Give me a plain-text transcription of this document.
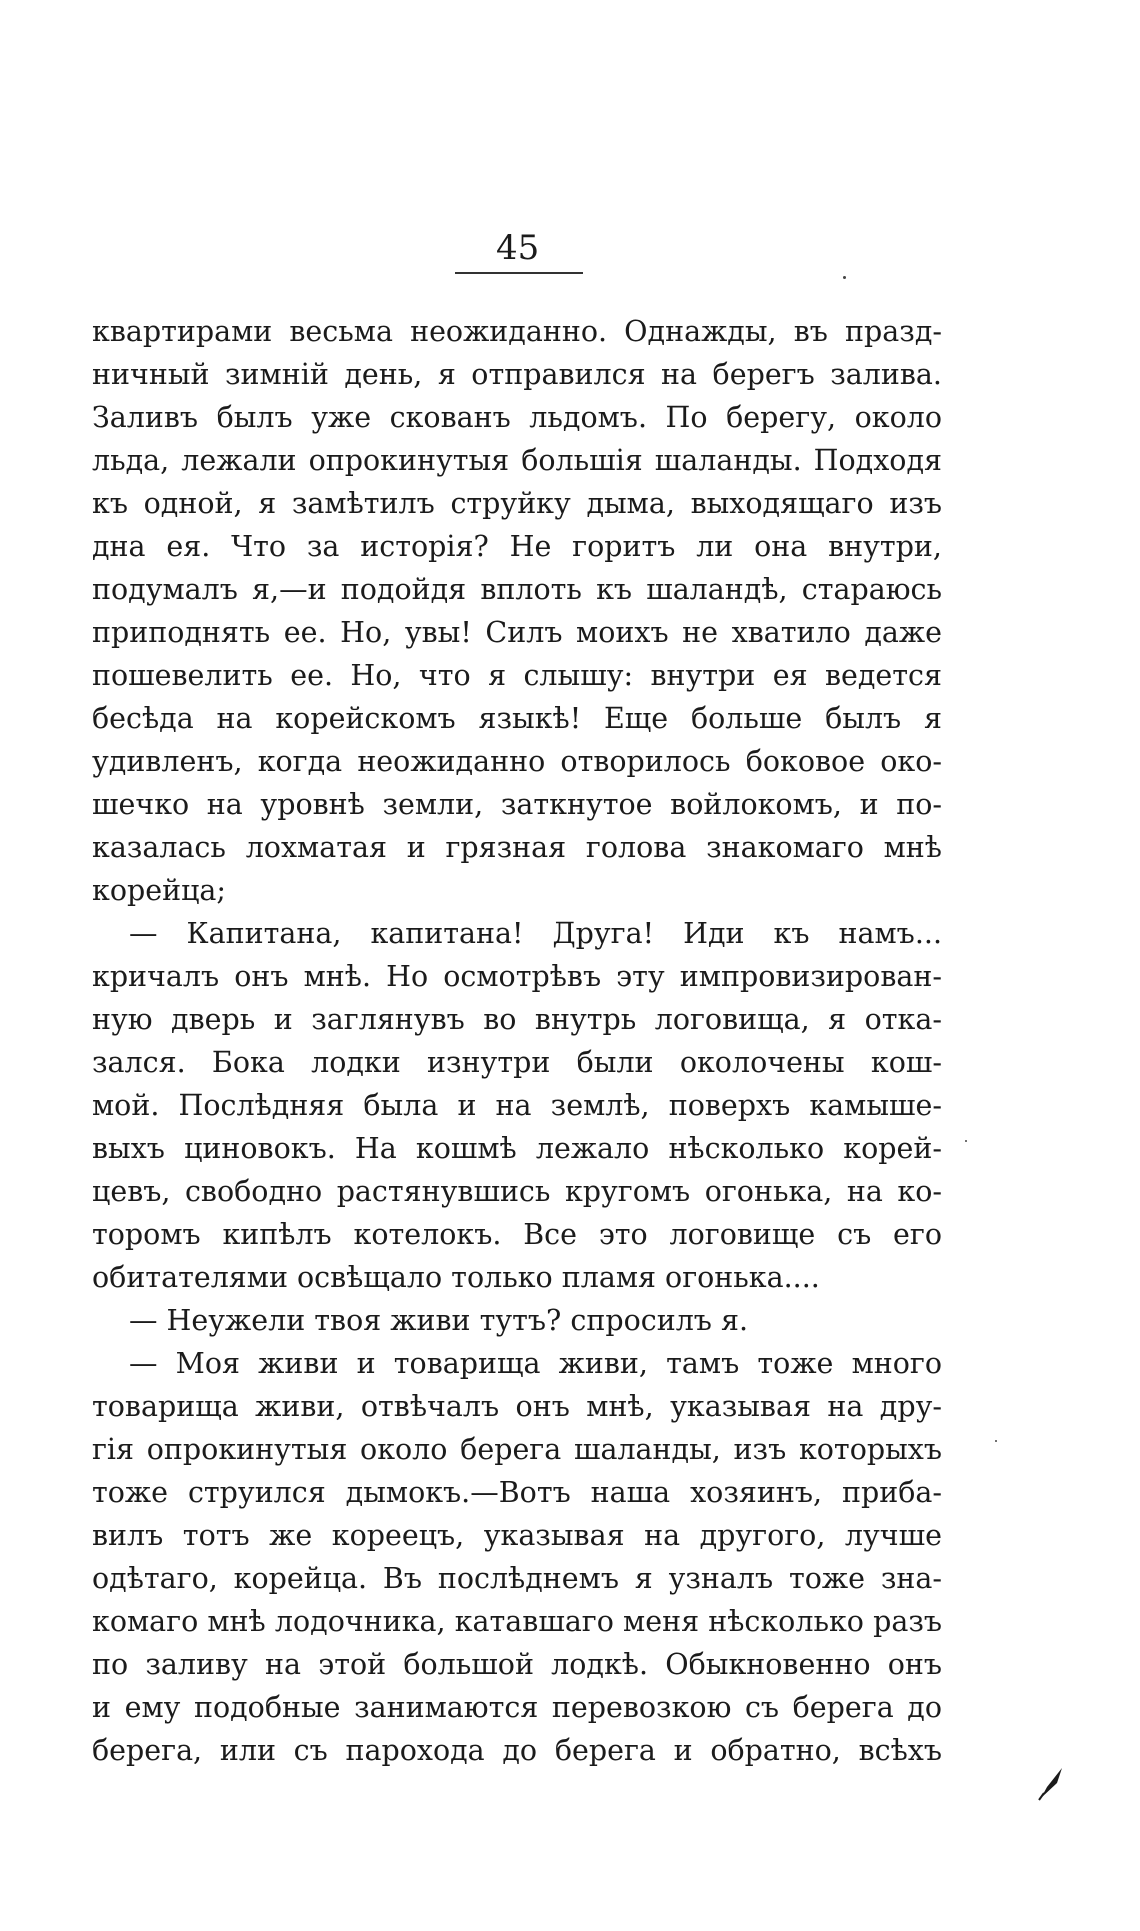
45
квартирами весьма неожиданно. Однажды, въ празд-
ничный зимній день, я отправился на берегъ залива.
Заливъ былъ уже скованъ льдомъ. По берегу, около
льда, лежали опрокинутыя большія шаланды. Подходя
къ одной, я замѣтилъ струйку дыма, выходящаго изъ
дна ея. Что за исторія? Не горитъ ли она внутри,
подумалъ я,—и подойдя вплоть къ шаландѣ, стараюсь
приподнять ее. Но, увы! Силъ моихъ не хватило даже
пошевелить ее. Но, что я слышу: внутри ея ведется
бесѣда на корейскомъ языкѣ! Еще больше былъ я
удивленъ, когда неожиданно отворилось боковое око-
шечко на уровнѣ земли, заткнутое войлокомъ, и по-
казалась лохматая и грязная голова знакомаго мнѣ
корейца;
— Капитана, капитана! Друга! Иди къ намъ...
кричалъ онъ мнѣ. Но осмотрѣвъ эту импровизирован-
ную дверь и заглянувъ во внутрь логовища, я отка-
зался. Бока лодки изнутри были околочены кош-
мой. Послѣдняя была и на землѣ, поверхъ камыше-
выхъ циновокъ. На кошмѣ лежало нѣсколько корей-
цевъ, свободно растянувшись кругомъ огонька, на ко-
торомъ кипѣлъ котелокъ. Все это логовище съ его
обитателями освѣщало только пламя огонька....
— Неужели твоя живи тутъ? спросилъ я.
— Моя живи и товарища живи, тамъ тоже много
товарища живи, отвѣчалъ онъ мнѣ, указывая на дру-
гія опрокинутыя около берега шаланды, изъ которыхъ
тоже струился дымокъ.—Вотъ наша хозяинъ, приба-
вилъ тотъ же кореецъ, указывая на другого, лучше
одѣтаго, корейца. Въ послѣднемъ я узналъ тоже зна-
комаго мнѣ лодочника, катавшаго меня нѣсколько разъ
по заливу на этой большой лодкѣ. Обыкновенно онъ
и ему подобные занимаются перевозкою съ берега до
берега, или съ парохода до берега и обратно, всѣхъ
